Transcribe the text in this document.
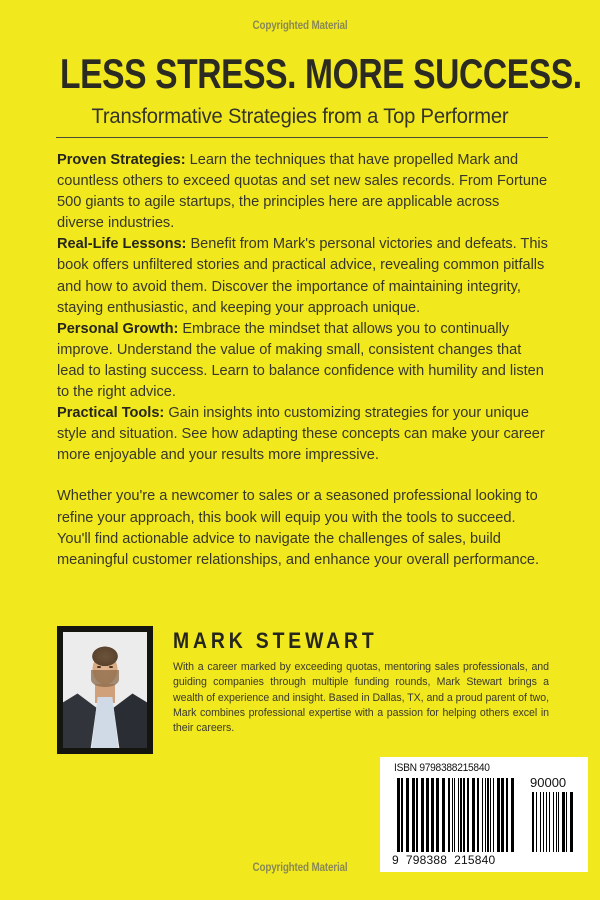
Copyrighted Material
LESS STRESS. MORE SUCCESS.
Transformative Strategies from a Top Performer

Proven Strategies: Learn the techniques that have propelled Mark and countless others to exceed quotas and set new sales records. From Fortune 500 giants to agile startups, the principles here are applicable across diverse industries.

Real-Life Lessons: Benefit from Mark's personal victories and defeats. This book offers unfiltered stories and practical advice, revealing common pitfalls and how to avoid them. Discover the importance of maintaining integrity, staying enthusiastic, and keeping your approach unique.

Personal Growth: Embrace the mindset that allows you to continually improve. Understand the value of making small, consistent changes that lead to lasting success. Learn to balance confidence with humility and listen to the right advice.

Practical Tools: Gain insights into customizing strategies for your unique style and situation. See how adapting these concepts can make your career more enjoyable and your results more impressive.

Whether you're a newcomer to sales or a seasoned professional looking to refine your approach, this book will equip you with the tools to succeed. You'll find actionable advice to navigate the challenges of sales, build meaningful customer relationships, and enhance your overall performance.

MARK STEWART
With a career marked by exceeding quotas, mentoring sales professionals, and guiding companies through multiple funding rounds, Mark Stewart brings a wealth of experience and insight. Based in Dallas, TX, and a proud parent of two, Mark combines professional expertise with a passion for helping others excel in their careers.
ISBN 9798388215840
90000
9 798388 215840
Copyrighted Material
